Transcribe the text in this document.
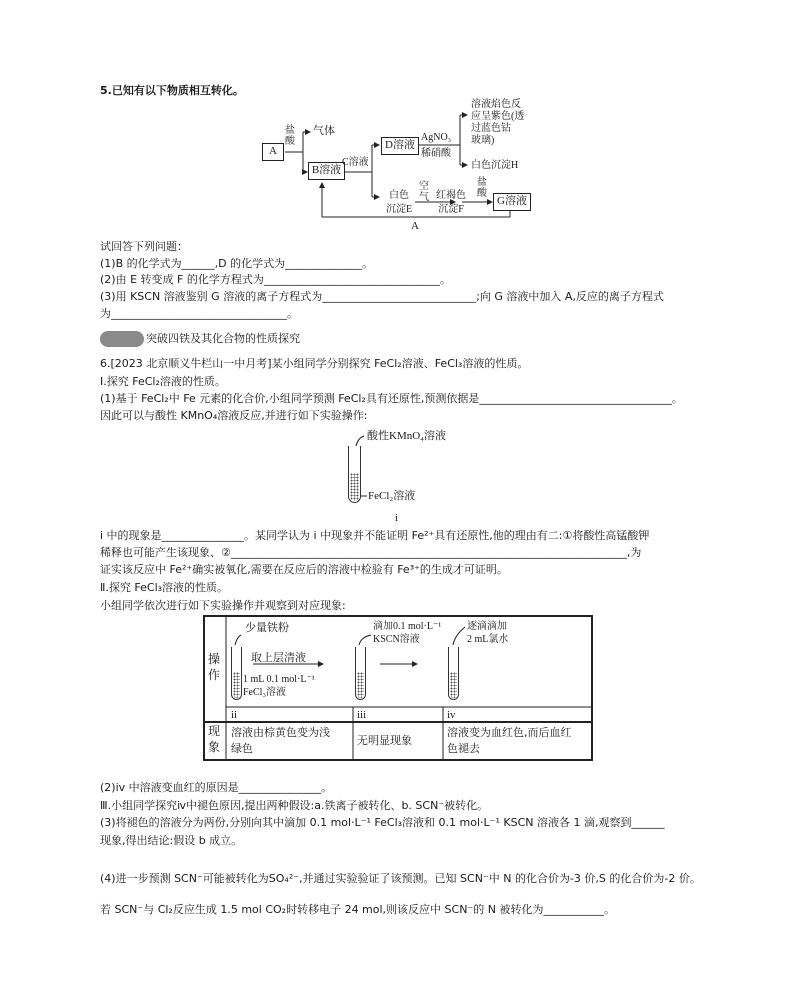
5.已知有以下物质相互转化。
A
盐
酸
气体
B溶液
C溶液
D溶液
AgNO₃
稀硝酸
溶液焰色反
应呈紫色(透
过蓝色钴
玻璃)
白色沉淀H
白色
沉淀E
空
气 红褐色
沉淀F
盐
酸
G溶液
A
试回答下列问题：
(1)B 的化学式为______,D 的化学式为______________。
(2)由 E 转变成 F 的化学方程式为________________________________。
(3)用 KSCN 溶液鉴别 G 溶液的离子方程式为____________________________;向 G 溶液中加入 A,反应的离子方程式
为________________________________。
突破四铁及其化合物的性质探究
6.[2023 北京顺义牛栏山一中月考]某小组同学分别探究 FeCl₂溶液、FeCl₃溶液的性质。
Ⅰ.探究 FeCl₂溶液的性质。
(1)基于 FeCl₂中 Fe 元素的化合价,小组同学预测 FeCl₂具有还原性,预测依据是___________________________________。
因此可以与酸性 KMnO₄溶液反应,并进行如下实验操作:
酸性KMnO₄溶液
FeCl₂溶液
i
i 中的现象是_______________。某同学认为 i 中现象并不能证明 Fe²⁺具有还原性,他的理由有二:①将酸性高锰酸钾
稀释也可能产生该现象、②________________________________________________________________________,为
证实该反应中 Fe²⁺确实被氧化,需要在反应后的溶液中检验有 Fe³⁺的生成才可证明。
Ⅱ.探究 FeCl₃溶液的性质。
小组同学依次进行如下实验操作并观察到对应现象:
操
作
现
象
少量铁粉
取上层清液
1 mL 0.1 mol·L⁻¹
FeCl₃溶液
滴加0.1 mol·L⁻¹
KSCN溶液
逐滴滴加
2 mL氯水
ii	iii	iv
溶液由棕黄色变为浅
绿色
无明显现象
溶液变为血红色,而后血红
色褪去
(2)iv 中溶液变血红的原因是_______________。
Ⅲ.小组同学探究ⅳ中褪色原因,提出两种假设:a.铁离子被转化、b. SCN⁻被转化。
(3)将褪色的溶液分为两份,分别向其中滴加 0.1 mol·L⁻¹ FeCl₃溶液和 0.1 mol·L⁻¹ KSCN 溶液各 1 滴,观察到______
现象,得出结论:假设 b 成立。
(4)进一步预测 SCN⁻可能被转化为SO₄²⁻,并通过实验验证了该预测。已知 SCN⁻中 N 的化合价为-3 价,S 的化合价为-2 价。
若 SCN⁻与 Cl₂反应生成 1.5 mol CO₂时转移电子 24 mol,则该反应中 SCN⁻的 N 被转化为___________。
